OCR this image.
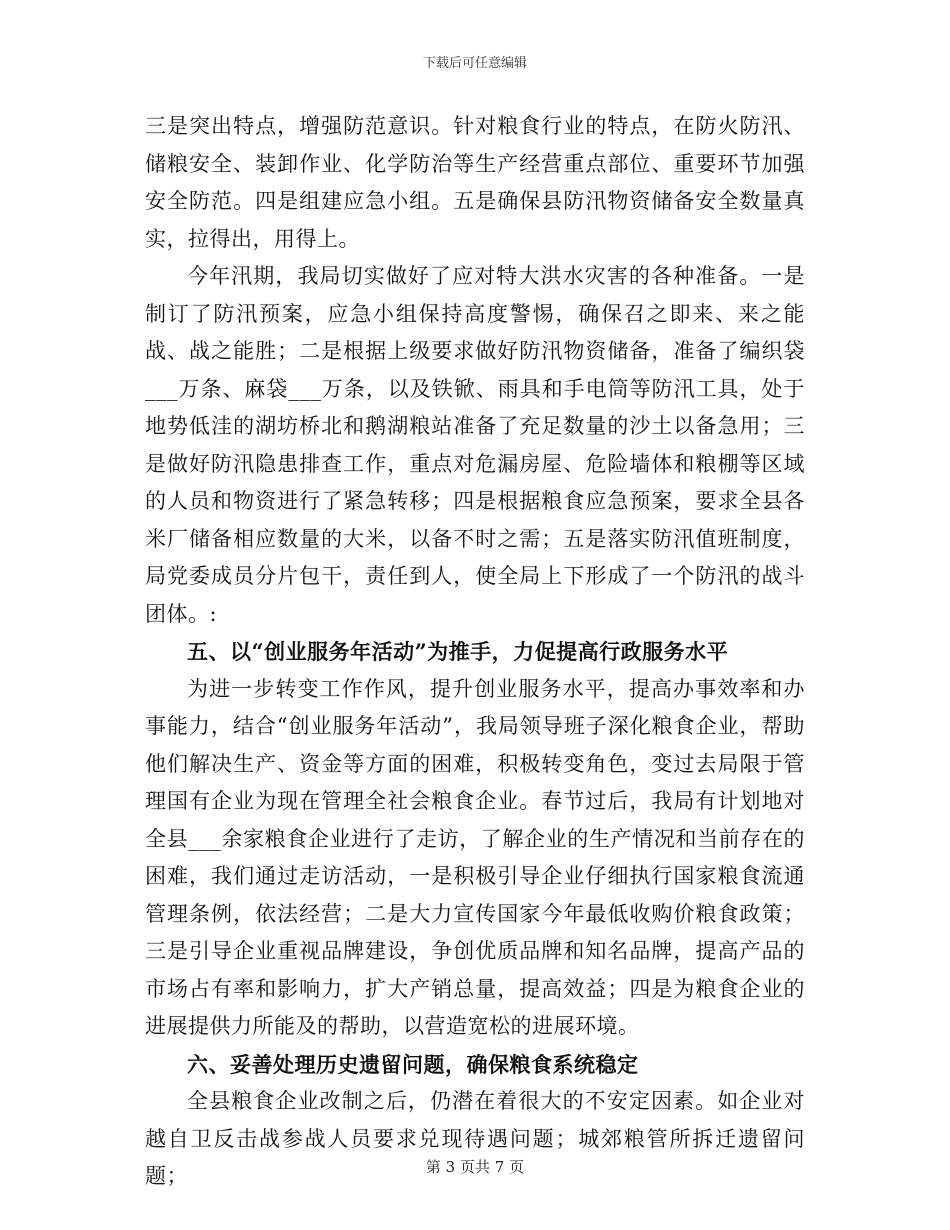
下载后可任意编辑

三是突出特点，增强防范意识。针对粮食行业的特点，在防火防汛、储粮安全、装卸作业、化学防治等生产经营重点部位、重要环节加强安全防范。四是组建应急小组。五是确保县防汛物资储备安全数量真实，拉得出，用得上。

今年汛期，我局切实做好了应对特大洪水灾害的各种准备。一是制订了防汛预案，应急小组保持高度警惕，确保召之即来、来之能战、战之能胜；二是根据上级要求做好防汛物资储备，准备了编织袋___万条、麻袋___万条，以及铁锨、雨具和手电筒等防汛工具，处于地势低洼的湖坊桥北和鹅湖粮站准备了充足数量的沙土以备急用；三是做好防汛隐患排查工作，重点对危漏房屋、危险墙体和粮棚等区域的人员和物资进行了紧急转移；四是根据粮食应急预案，要求全县各米厂储备相应数量的大米，以备不时之需；五是落实防汛值班制度，局党委成员分片包干，责任到人，使全局上下形成了一个防汛的战斗团体。:

五、以“创业服务年活动”为推手，力促提高行政服务水平

为进一步转变工作作风，提升创业服务水平，提高办事效率和办事能力，结合“创业服务年活动”，我局领导班子深化粮食企业，帮助他们解决生产、资金等方面的困难，积极转变角色，变过去局限于管理国有企业为现在管理全社会粮食企业。春节过后，我局有计划地对全县___余家粮食企业进行了走访，了解企业的生产情况和当前存在的困难，我们通过走访活动，一是积极引导企业仔细执行国家粮食流通管理条例，依法经营；二是大力宣传国家今年最低收购价粮食政策；三是引导企业重视品牌建设，争创优质品牌和知名品牌，提高产品的市场占有率和影响力，扩大产销总量，提高效益；四是为粮食企业的进展提供力所能及的帮助，以营造宽松的进展环境。

六、妥善处理历史遗留问题，确保粮食系统稳定

全县粮食企业改制之后，仍潜在着很大的不安定因素。如企业对越自卫反击战参战人员要求兑现待遇问题；城郊粮管所拆迁遗留问题；	第 3 页共 7 页
